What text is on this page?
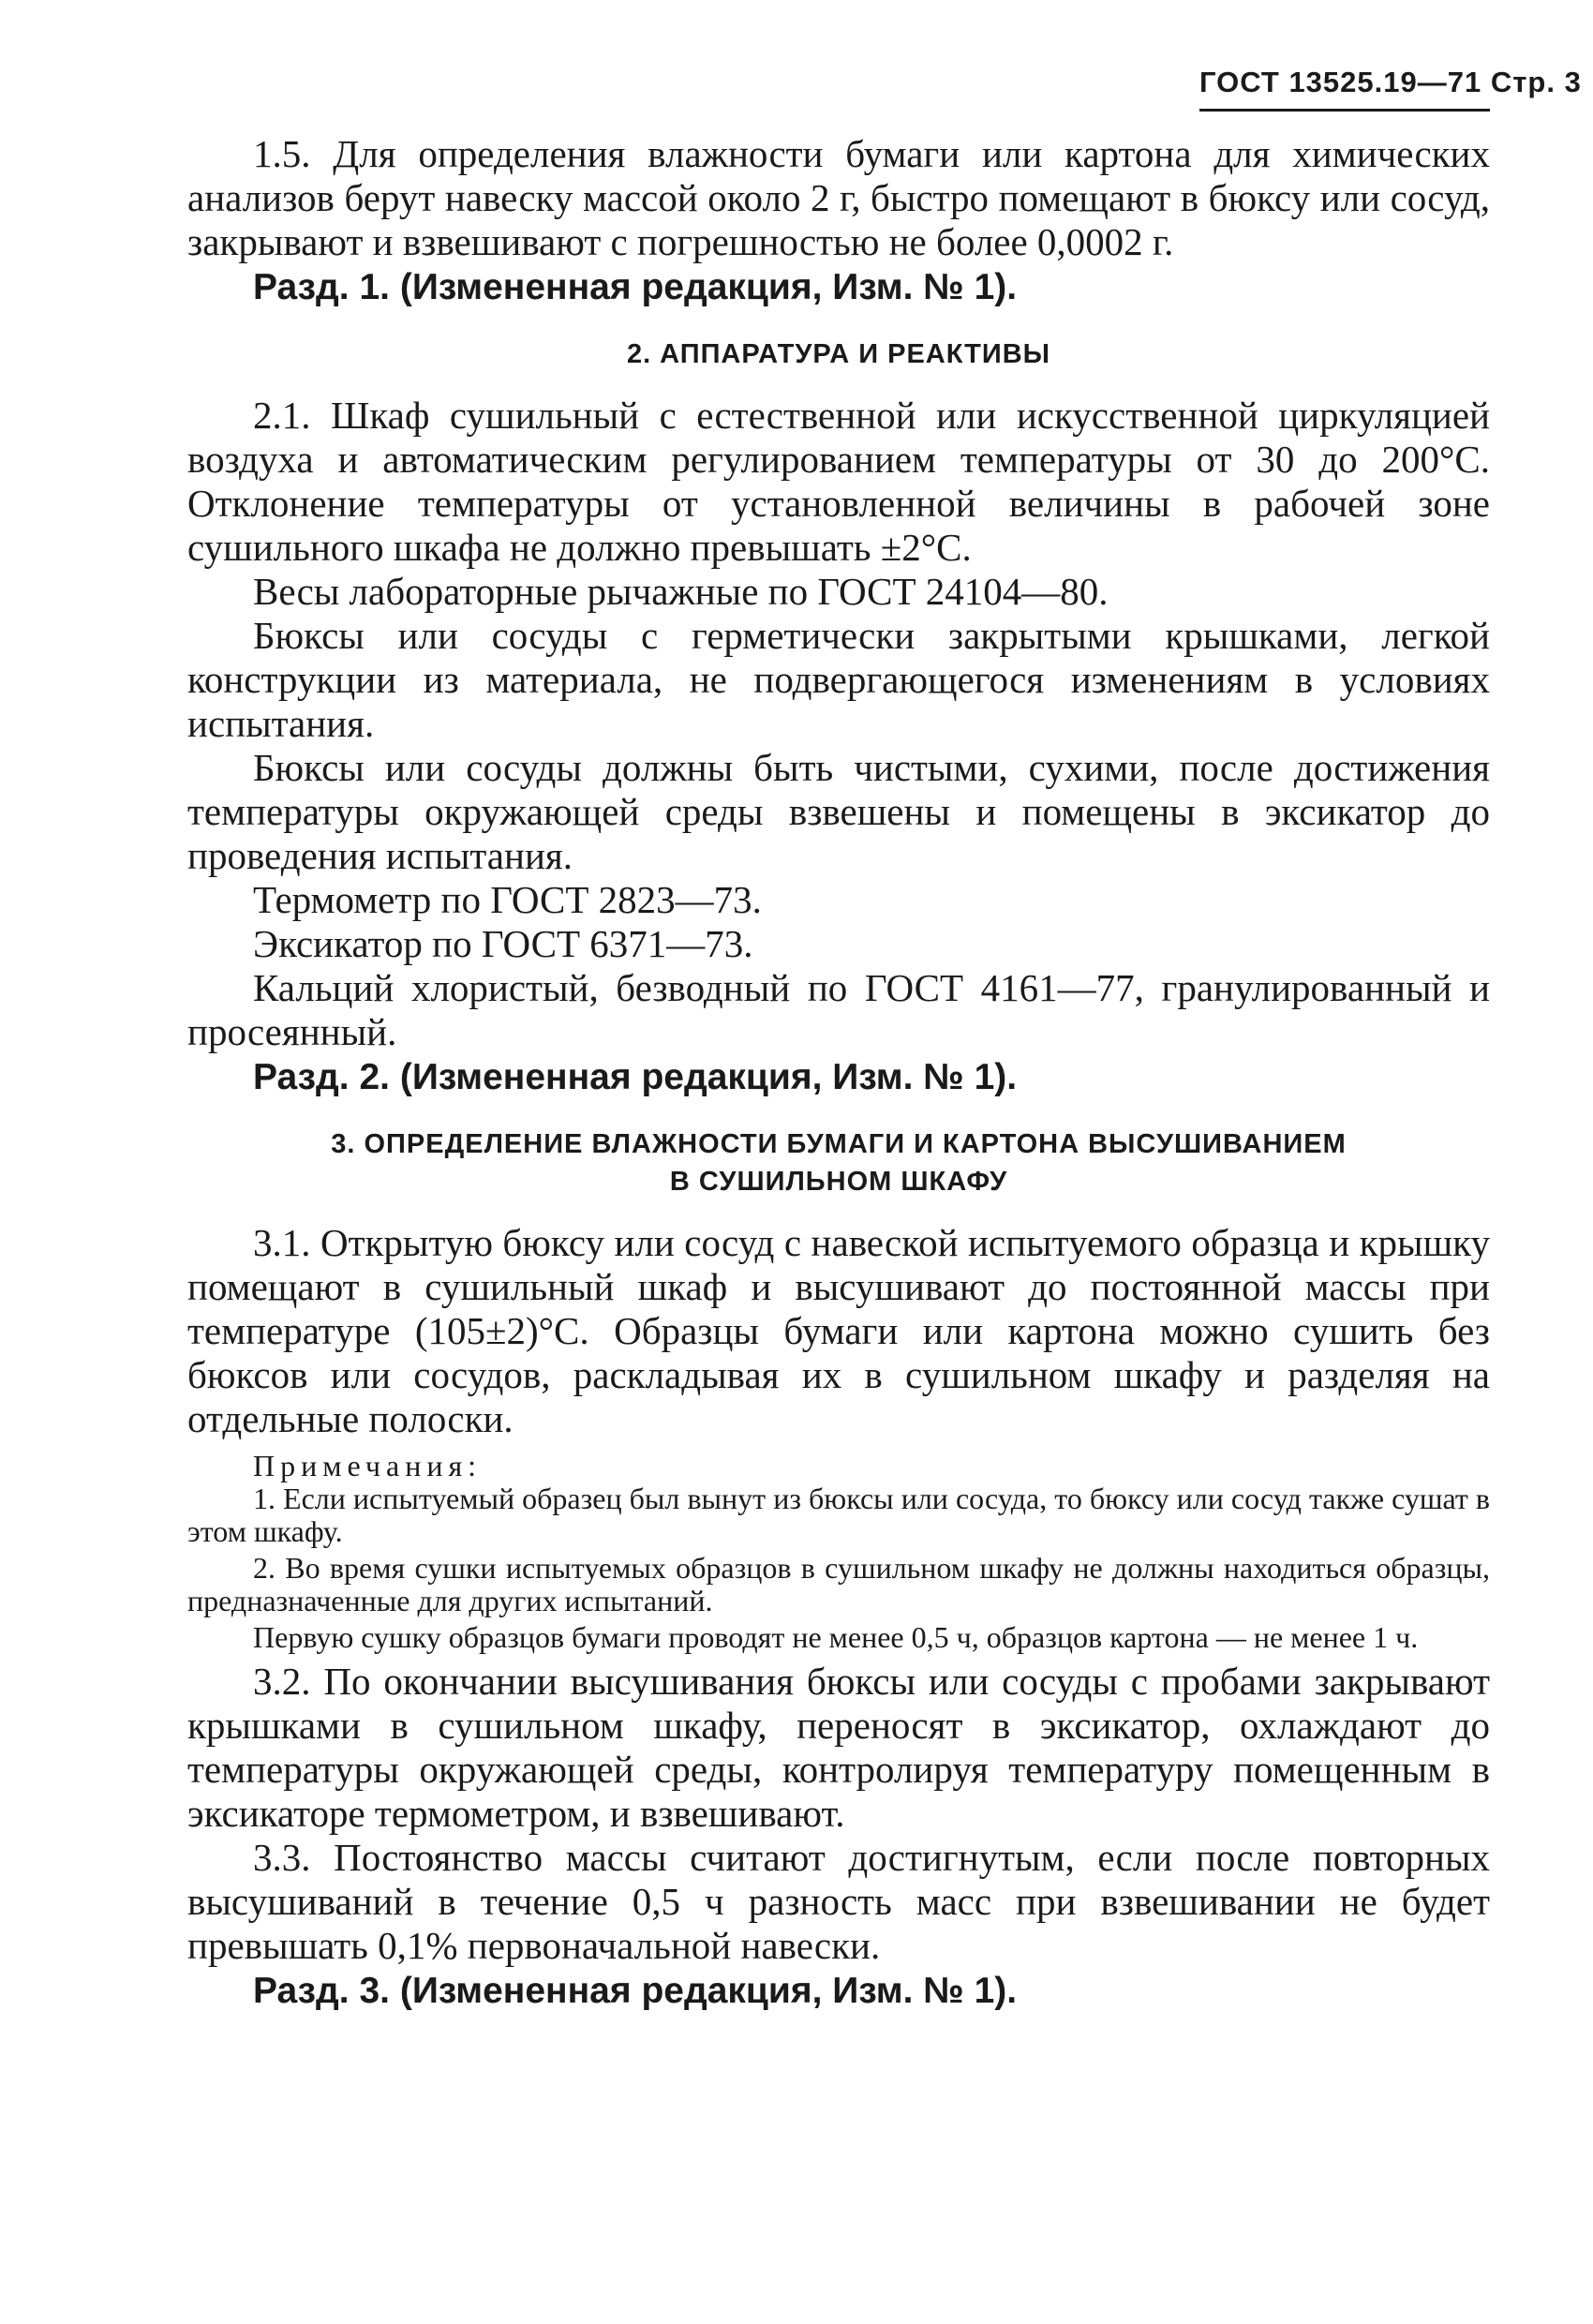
ГОСТ 13525.19—71 Стр. 3

1.5. Для определения влажности бумаги или картона для химических анализов берут навеску массой около 2 г, быстро помещают в бюксу или сосуд, закрывают и взвешивают с погрешностью не более 0,0002 г.

Разд. 1. (Измененная редакция, Изм. № 1).

2. АППАРАТУРА И РЕАКТИВЫ

2.1. Шкаф сушильный с естественной или искусственной циркуляцией воздуха и автоматическим регулированием температуры от 30 до 200°С. Отклонение температуры от установленной величины в рабочей зоне сушильного шкафа не должно превышать ±2°С.

Весы лабораторные рычажные по ГОСТ 24104—80.

Бюксы или сосуды с герметически закрытыми крышками, легкой конструкции из материала, не подвергающегося изменениям в условиях испытания.

Бюксы или сосуды должны быть чистыми, сухими, после достижения температуры окружающей среды взвешены и помещены в эксикатор до проведения испытания.

Термометр по ГОСТ 2823—73.

Эксикатор по ГОСТ 6371—73.

Кальций хлористый, безводный по ГОСТ 4161—77, гранулированный и просеянный.

Разд. 2. (Измененная редакция, Изм. № 1).

3. ОПРЕДЕЛЕНИЕ ВЛАЖНОСТИ БУМАГИ И КАРТОНА ВЫСУШИВАНИЕМ
В СУШИЛЬНОМ ШКАФУ

3.1. Открытую бюксу или сосуд с навеской испытуемого образца и крышку помещают в сушильный шкаф и высушивают до постоянной массы при температуре (105±2)°С. Образцы бумаги или картона можно сушить без бюксов или сосудов, раскладывая их в сушильном шкафу и разделяя на отдельные полоски.

Примечания:

1. Если испытуемый образец был вынут из бюксы или сосуда, то бюксу или сосуд также сушат в этом шкафу.

2. Во время сушки испытуемых образцов в сушильном шкафу не должны находиться образцы, предназначенные для других испытаний.

Первую сушку образцов бумаги проводят не менее 0,5 ч, образцов картона — не менее 1 ч.

3.2. По окончании высушивания бюксы или сосуды с пробами закрывают крышками в сушильном шкафу, переносят в эксикатор, охлаждают до температуры окружающей среды, контролируя температуру помещенным в эксикаторе термометром, и взвешивают.

3.3. Постоянство массы считают достигнутым, если после повторных высушиваний в течение 0,5 ч разность масс при взвешивании не будет превышать 0,1% первоначальной навески.

Разд. 3. (Измененная редакция, Изм. № 1).
